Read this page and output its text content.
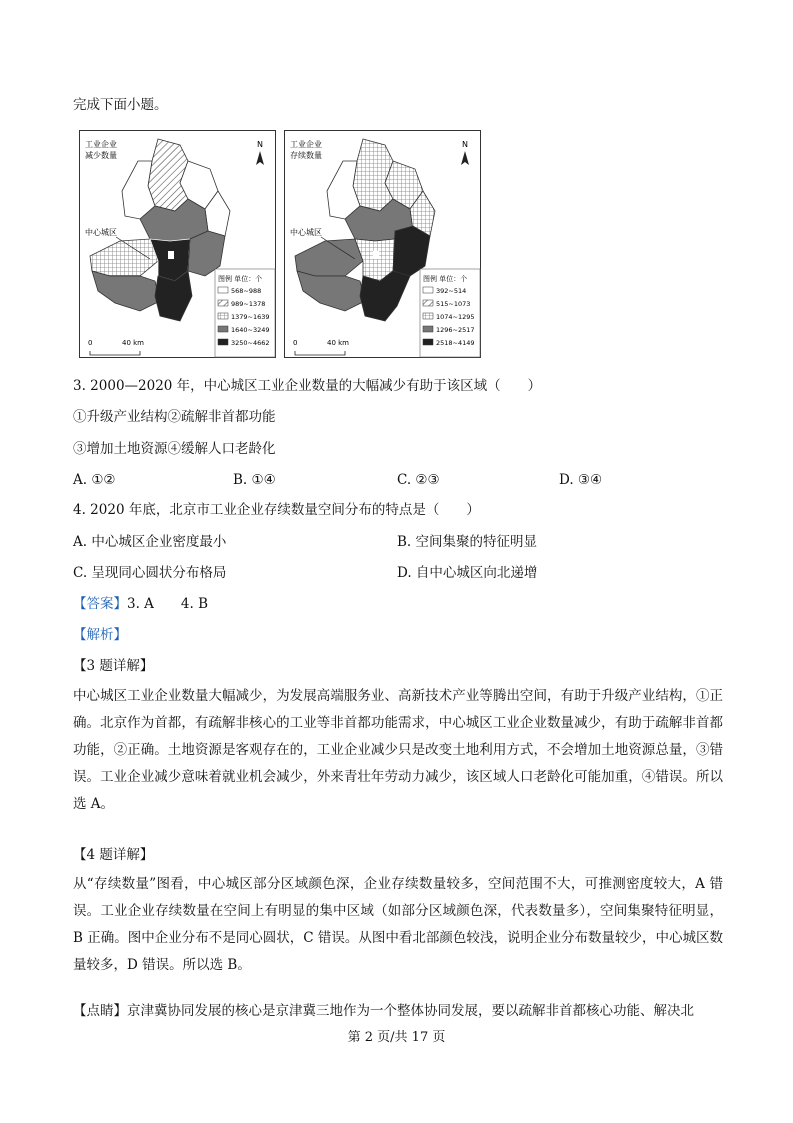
完成下面小题。
工业企业
减少数量
N
中心城区
图例 单位：个
568~988
989~1378
1379~1639
1640~3249
3250~4662
0	40 km
工业企业
存续数量
N
中心城区
图例 单位：个
392~514
515~1073
1074~1295
1296~2517
2518~4149
0	40 km
3. 2000—2020 年，中心城区工业企业数量的大幅减少有助于该区域（　　）
①升级产业结构②疏解非首都功能
③增加土地资源④缓解人口老龄化
A. ①②	B. ①④	C. ②③	D. ③④
4. 2020 年底，北京市工业企业存续数量空间分布的特点是（　　）
A. 中心城区企业密度最小	B. 空间集聚的特征明显
C. 呈现同心圆状分布格局	D. 自中心城区向北递增
【答案】3. A　　4. B
【解析】
【3 题详解】
中心城区工业企业数量大幅减少，为发展高端服务业、高新技术产业等腾出空间，有助于升级产业结构，①正确。北京作为首都，有疏解非核心的工业等非首都功能需求，中心城区工业企业数量减少，有助于疏解非首都功能，②正确。土地资源是客观存在的，工业企业减少只是改变土地利用方式，不会增加土地资源总量，③错误。工业企业减少意味着就业机会减少，外来青壮年劳动力减少，该区域人口老龄化可能加重，④错误。所以选 A。
【4 题详解】
从“存续数量”图看，中心城区部分区域颜色深，企业存续数量较多，空间范围不大，可推测密度较大，A 错误。工业企业存续数量在空间上有明显的集中区域（如部分区域颜色深，代表数量多），空间集聚特征明显，B 正确。图中企业分布不是同心圆状，C 错误。从图中看北部颜色较浅，说明企业分布数量较少，中心城区数量较多，D 错误。所以选 B。
【点睛】京津冀协同发展的核心是京津冀三地作为一个整体协同发展，要以疏解非首都核心功能、解决北
第 2 页/共 17 页
